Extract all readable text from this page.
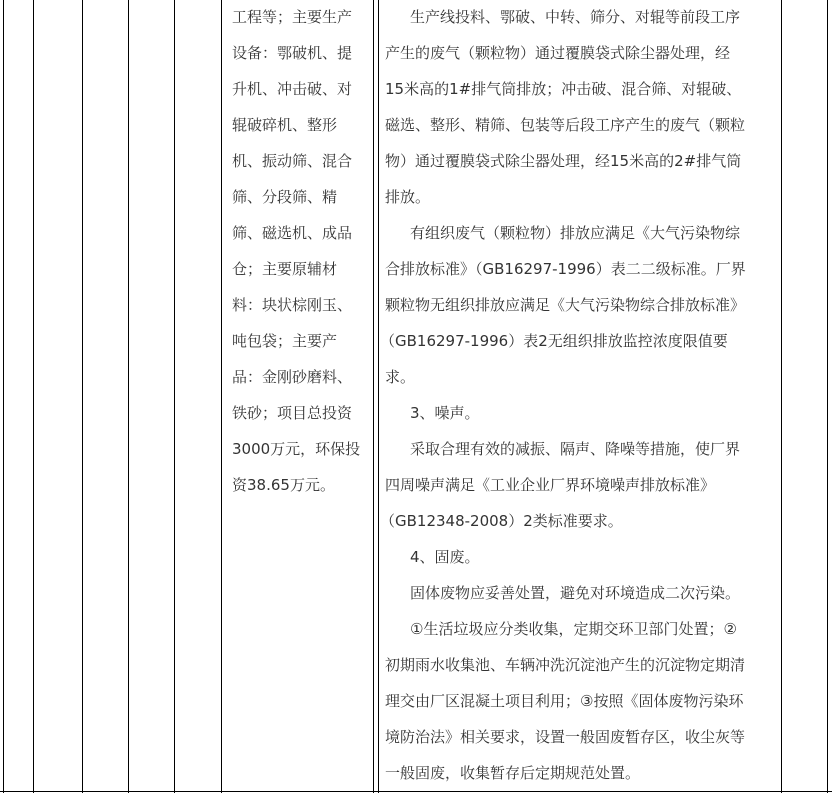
工程等；主要生产
设备：鄂破机、提
升机、冲击破、对
辊破碎机、整形
机、振动筛、混合
筛、分段筛、精
筛、磁选机、成品
仓；主要原辅材
料：块状棕刚玉、
吨包袋；主要产
品：金刚砂磨料、
铁砂；项目总投资
3000万元，环保投
资38.65万元。
生产线投料、鄂破、中转、筛分、对辊等前段工序
产生的废气（颗粒物）通过覆膜袋式除尘器处理，经
15米高的1#排气筒排放；冲击破、混合筛、对辊破、
磁选、整形、精筛、包装等后段工序产生的废气（颗粒
物）通过覆膜袋式除尘器处理，经15米高的2#排气筒
排放。
有组织废气（颗粒物）排放应满足《大气污染物综
合排放标准》（GB16297-1996）表二二级标准。厂界
颗粒物无组织排放应满足《大气污染物综合排放标准》
（GB16297-1996）表2无组织排放监控浓度限值要
求。
3、噪声。
采取合理有效的减振、隔声、降噪等措施，使厂界
四周噪声满足《工业企业厂界环境噪声排放标准》
（GB12348-2008）2类标准要求。
4、固废。
固体废物应妥善处置，避免对环境造成二次污染。
①生活垃圾应分类收集，定期交环卫部门处置；②
初期雨水收集池、车辆冲洗沉淀池产生的沉淀物定期清
理交由厂区混凝土项目利用；③按照《固体废物污染环
境防治法》相关要求，设置一般固废暂存区，收尘灰等
一般固废，收集暂存后定期规范处置。
